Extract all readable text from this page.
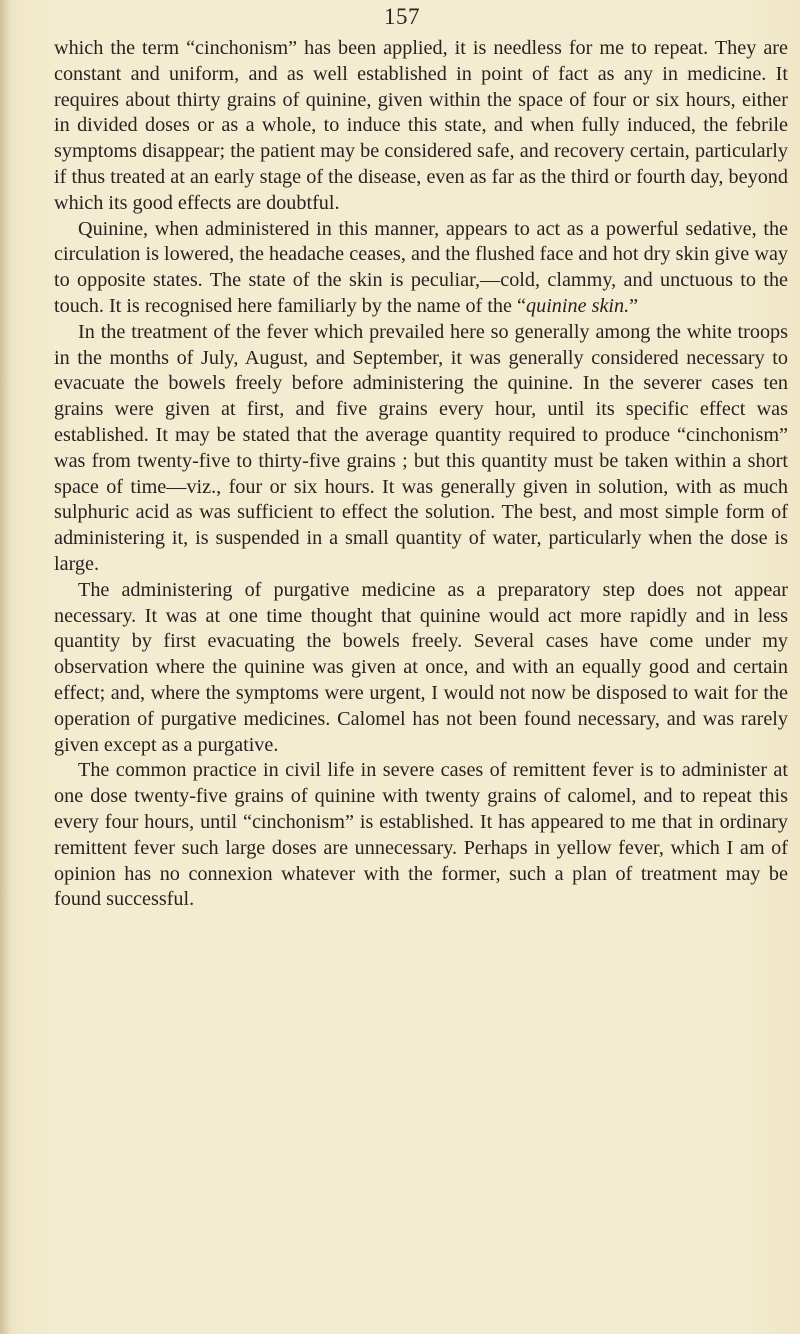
157

which the term “cinchonism” has been applied, it is needless for me to repeat. They are constant and uniform, and as well established in point of fact as any in medicine. It requires about thirty grains of quinine, given within the space of four or six hours, either in divided doses or as a whole, to induce this state, and when fully induced, the febrile symptoms disappear; the patient may be considered safe, and recovery certain, particularly if thus treated at an early stage of the disease, even as far as the third or fourth day, beyond which its good effects are doubtful.

Quinine, when administered in this manner, appears to act as a powerful sedative, the circulation is lowered, the headache ceases, and the flushed face and hot dry skin give way to opposite states. The state of the skin is peculiar,—cold, clammy, and unctuous to the touch. It is recognised here familiarly by the name of the “quinine skin.”

In the treatment of the fever which prevailed here so generally among the white troops in the months of July, August, and September, it was generally considered necessary to evacuate the bowels freely before administering the quinine. In the severer cases ten grains were given at first, and five grains every hour, until its specific effect was established. It may be stated that the average quantity required to produce “cinchonism” was from twenty-five to thirty-five grains ; but this quantity must be taken within a short space of time—viz., four or six hours. It was generally given in solution, with as much sulphuric acid as was sufficient to effect the solution. The best, and most simple form of administering it, is suspended in a small quantity of water, particularly when the dose is large.

The administering of purgative medicine as a preparatory step does not appear necessary. It was at one time thought that quinine would act more rapidly and in less quantity by first evacuating the bowels freely. Several cases have come under my observation where the quinine was given at once, and with an equally good and certain effect; and, where the symptoms were urgent, I would not now be disposed to wait for the operation of purgative medicines. Calomel has not been found necessary, and was rarely given except as a purgative.

The common practice in civil life in severe cases of remittent fever is to administer at one dose twenty-five grains of quinine with twenty grains of calomel, and to repeat this every four hours, until “cinchonism” is established. It has appeared to me that in ordinary remittent fever such large doses are unnecessary. Perhaps in yellow fever, which I am of opinion has no connexion whatever with the former, such a plan of treatment may be found successful.
